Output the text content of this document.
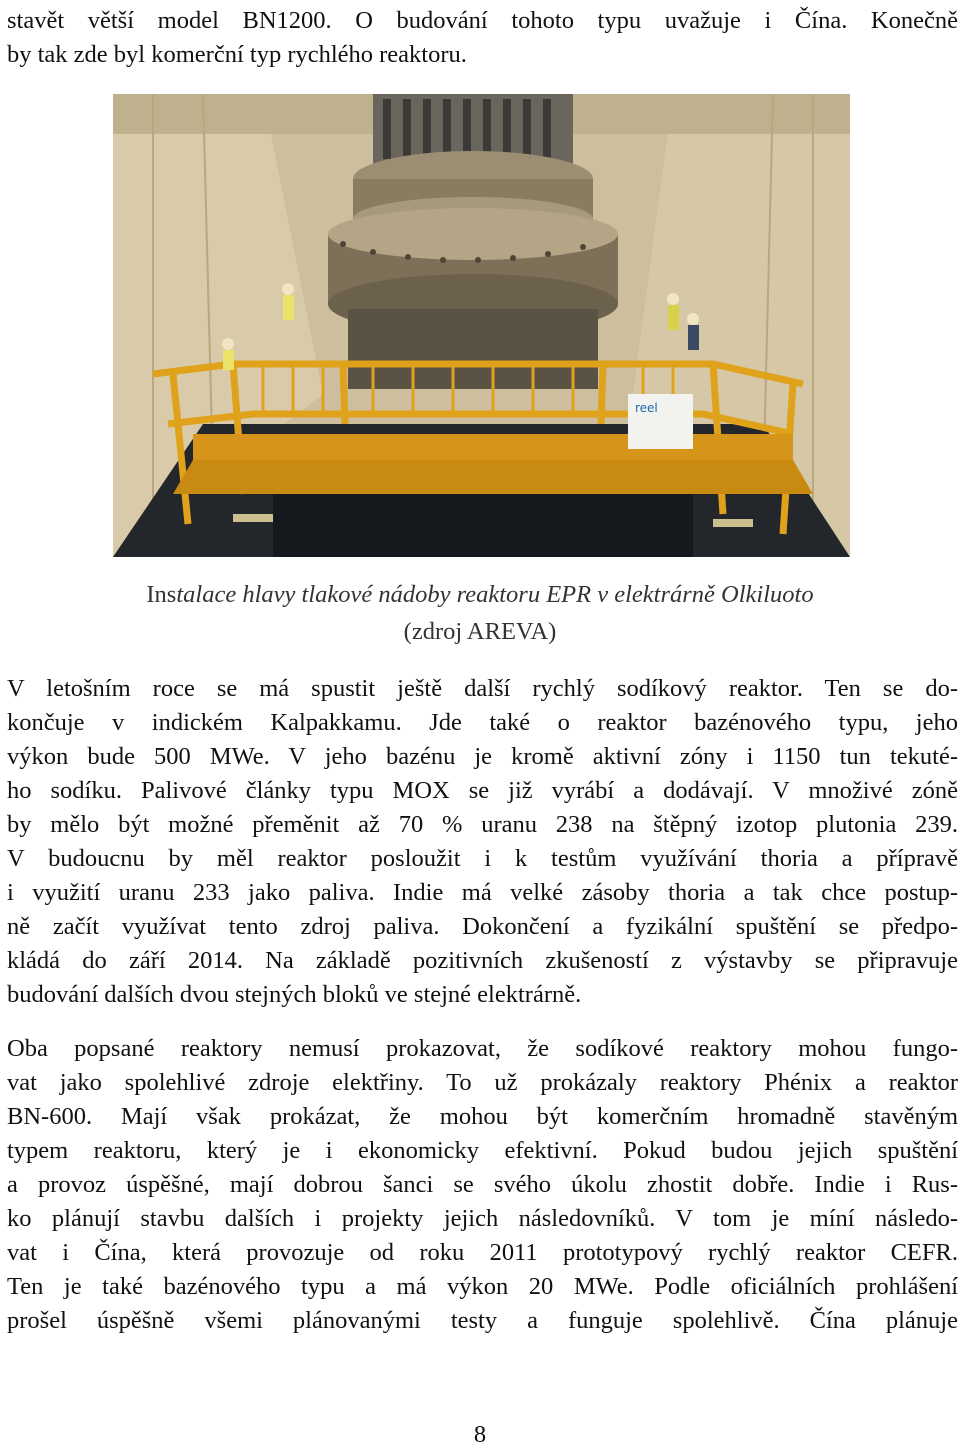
stavět větší model BN1200. O budování tohoto typu uvažuje i Čína. Konečně
by tak zde byl komerční typ rychlého reaktoru.
reel
Instalace hlavy tlakové nádoby reaktoru EPR v elektrárně Olkiluoto
(zdroj AREVA)
V letošním roce se má spustit ještě další rychlý sodíkový reaktor. Ten se do-
končuje v indickém Kalpakkamu. Jde také o reaktor bazénového typu, jeho
výkon bude 500 MWe. V jeho bazénu je kromě aktivní zóny i 1150 tun tekuté-
ho sodíku. Palivové články typu MOX se již vyrábí a dodávají. V množivé zóně
by mělo být možné přeměnit až 70 % uranu 238 na štěpný izotop plutonia 239.
V budoucnu by měl reaktor posloužit i k testům využívání thoria a přípravě
i využití uranu 233 jako paliva. Indie má velké zásoby thoria a tak chce postup-
ně začít využívat tento zdroj paliva. Dokončení a fyzikální spuštění se předpo-
kládá do září 2014. Na základě pozitivních zkušeností z výstavby se připravuje
budování dalších dvou stejných bloků ve stejné elektrárně.
Oba popsané reaktory nemusí prokazovat, že sodíkové reaktory mohou fungo-
vat jako spolehlivé zdroje elektřiny. To už prokázaly reaktory Phénix a reaktor
BN-600. Mají však prokázat, že mohou být komerčním hromadně stavěným
typem reaktoru, který je i ekonomicky efektivní. Pokud budou jejich spuštění
a provoz úspěšné, mají dobrou šanci se svého úkolu zhostit dobře. Indie i Rus-
ko plánují stavbu dalších i projekty jejich následovníků. V tom je míní následo-
vat i Čína, která provozuje od roku 2011 prototypový rychlý reaktor CEFR.
Ten je také bazénového typu a má výkon 20 MWe. Podle oficiálních prohlášení
prošel úspěšně všemi plánovanými testy a funguje spolehlivě. Čína plánuje
8
